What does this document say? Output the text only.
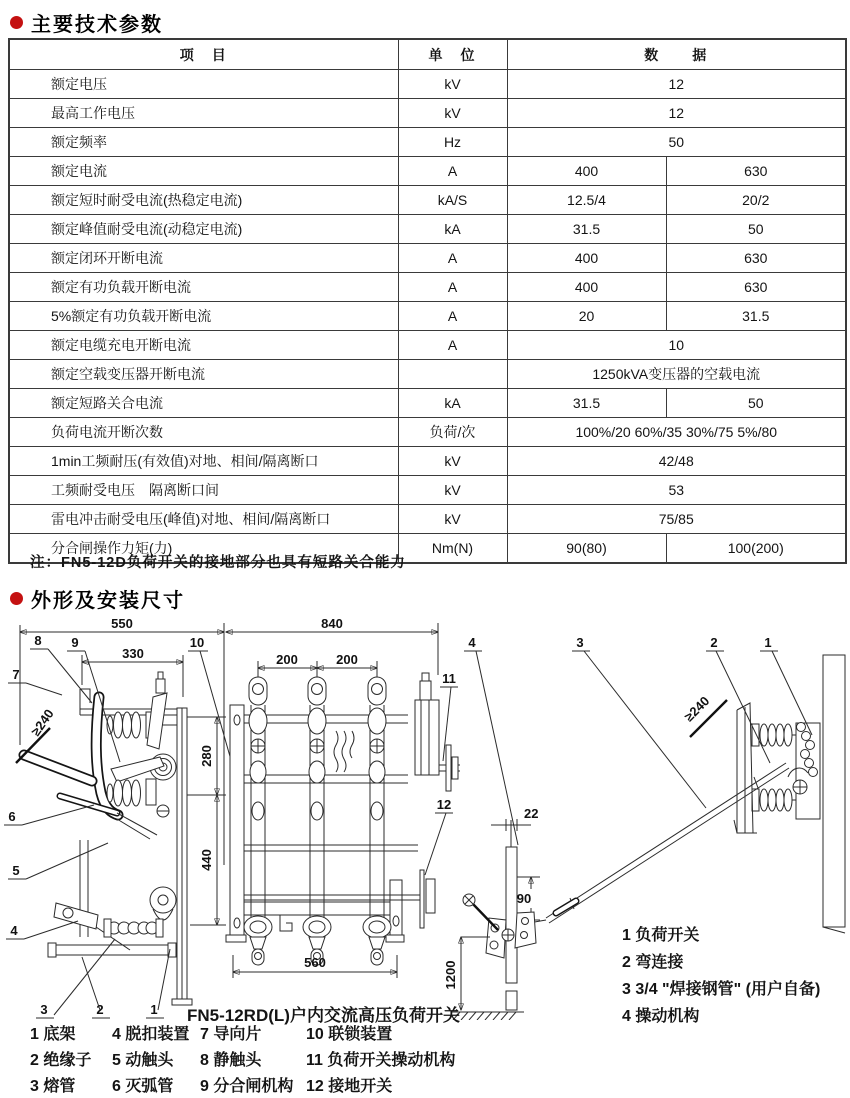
主要技术参数
项　目	单　位	数　　据	
额定电压	kV	12	
最高工作电压	kV	12	
额定频率	Hz	50	
额定电流	A	400	630
额定短时耐受电流(热稳定电流)	kA/S	12.5/4	20/2
额定峰值耐受电流(动稳定电流)	kA	31.5	50
额定闭环开断电流	A	400	630
额定有功负载开断电流	A	400	630
5%额定有功负载开断电流	A	20	31.5
额定电缆充电开断电流	A	10	
额定空载变压器开断电流		1250kVA变压器的空载电流	
额定短路关合电流	kA	31.5	50
负荷电流开断次数	负荷/次	100%/20 60%/35 30%/75 5%/80	
1min工频耐压(有效值)对地、相间/隔离断口	kV	42/48	
工频耐受电压　隔离断口间	kV	53	
雷电冲击耐受电压(峰值)对地、相间/隔离断口	kV	75/85	
分合闸操作力矩(力)	Nm(N)	90(80)	100(200)
注：FN5-12D负荷开关的接地部分也具有短路关合能力
外形及安装尺寸
550
330
≥240
8 9	10
7
6
5
4
3	2	1
840
200	200
280
440
560
11
12
≥240
22
90
1200
4	3	2	1
FN5-12RD(L)户内交流高压负荷开关
1 底架
2 绝缘子
3 熔管
4 脱扣装置
5 动触头
6 灭弧管
7 导向片
8 静触头
9 分合闸机构
10 联锁装置
11 负荷开关操动机构
12 接地开关
1 负荷开关
2 弯连接
3 3/4 "焊接钢管" (用户自备)
4 操动机构
